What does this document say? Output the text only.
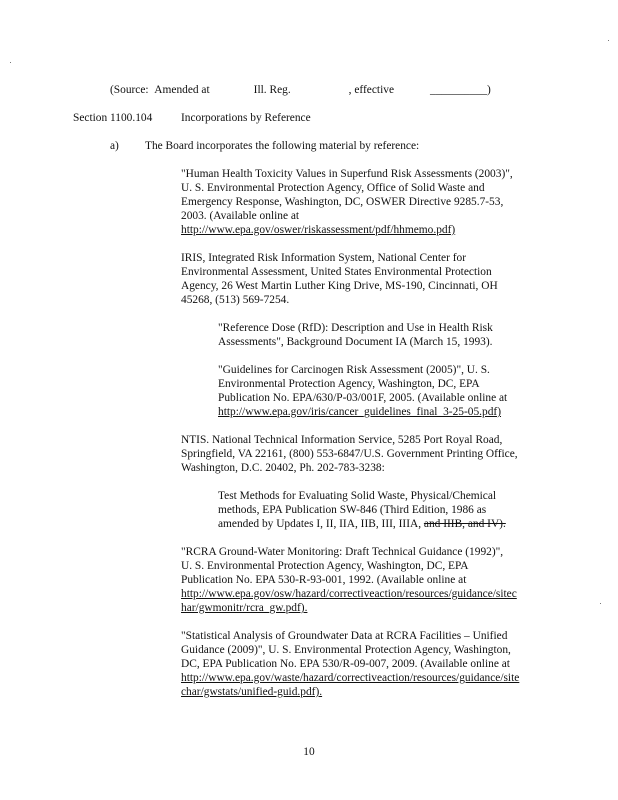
(Source: Amended at	Ill. Reg.	, effective	__________)
Section 1100.104	Incorporations by Reference
a) The Board incorporates the following material by reference:
"Human Health Toxicity Values in Superfund Risk Assessments (2003)",
U. S. Environmental Protection Agency, Office of Solid Waste and
Emergency Response, Washington, DC, OSWER Directive 9285.7-53,
2003. (Available online at
http://www.epa.gov/oswer/riskassessment/pdf/hhmemo.pdf)
IRIS, Integrated Risk Information System, National Center for
Environmental Assessment, United States Environmental Protection
Agency, 26 West Martin Luther King Drive, MS-190, Cincinnati, OH
45268, (513) 569-7254.
"Reference Dose (RfD): Description and Use in Health Risk
Assessments", Background Document IA (March 15, 1993).
"Guidelines for Carcinogen Risk Assessment (2005)", U. S.
Environmental Protection Agency, Washington, DC, EPA
Publication No. EPA/630/P-03/001F, 2005. (Available online at
http://www.epa.gov/iris/cancer_guidelines_final_3-25-05.pdf)
NTIS. National Technical Information Service, 5285 Port Royal Road,
Springfield, VA 22161, (800) 553-6847/U.S. Government Printing Office,
Washington, D.C. 20402, Ph. 202-783-3238:
Test Methods for Evaluating Solid Waste, Physical/Chemical
methods, EPA Publication SW-846 (Third Edition, 1986 as
amended by Updates I, II, IIA, IIB, III, IIIA, and IIIB, and IV).
"RCRA Ground-Water Monitoring: Draft Technical Guidance (1992)",
U. S. Environmental Protection Agency, Washington, DC, EPA
Publication No. EPA 530-R-93-001, 1992. (Available online at
http://www.epa.gov/osw/hazard/correctiveaction/resources/guidance/sitec
har/gwmonitr/rcra_gw.pdf).
"Statistical Analysis of Groundwater Data at RCRA Facilities – Unified
Guidance (2009)", U. S. Environmental Protection Agency, Washington,
DC, EPA Publication No. EPA 530/R-09-007, 2009. (Available online at
http://www.epa.gov/waste/hazard/correctiveaction/resources/guidance/site
char/gwstats/unified-guid.pdf).
10
